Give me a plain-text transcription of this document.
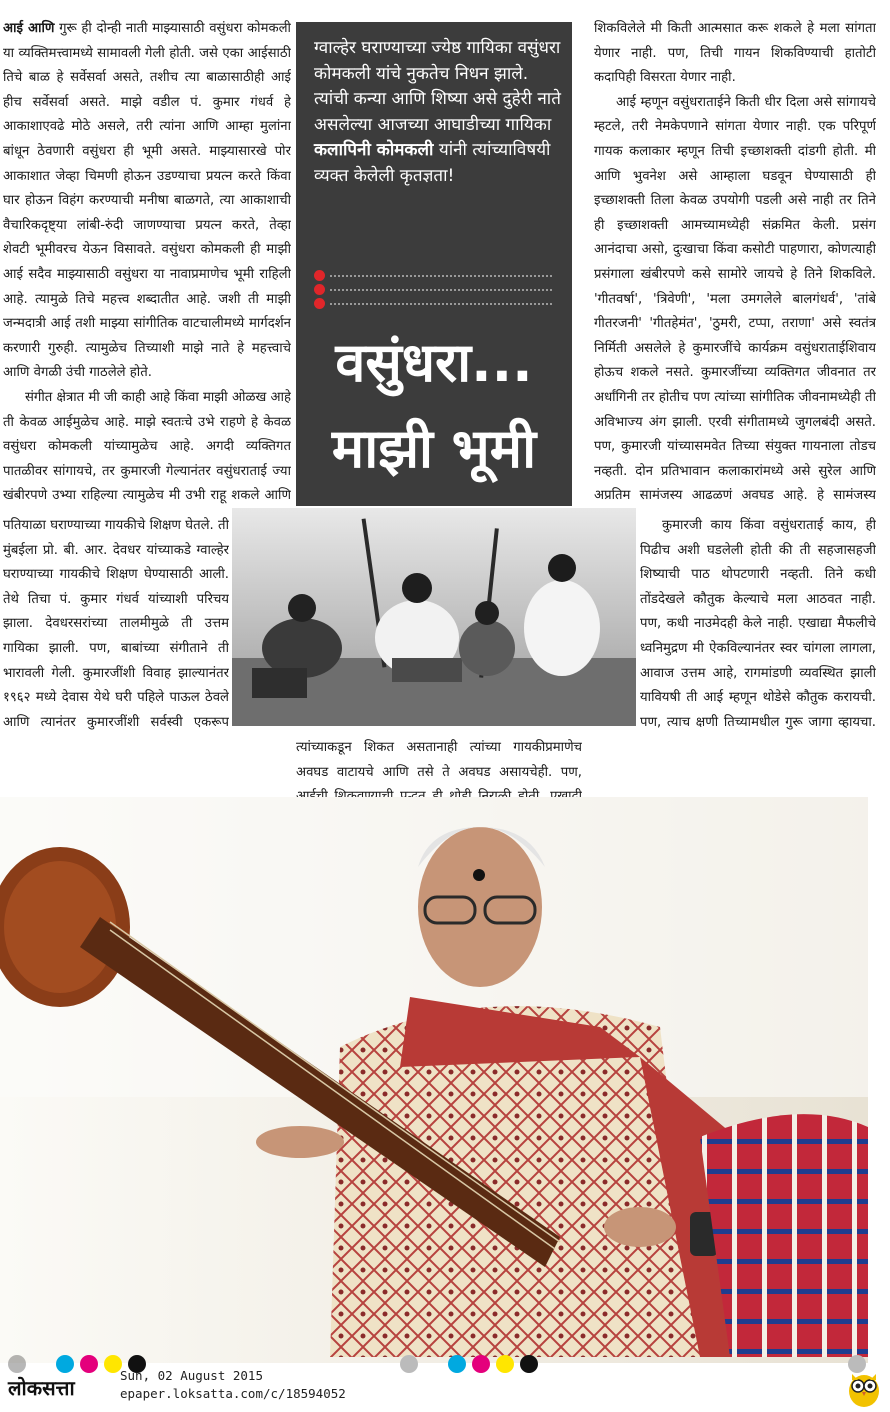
आई आणि गुरू ही दोन्ही नाती माझ्यासाठी वसुंधरा कोमकली या व्यक्तिमत्त्वामध्ये सामावली गेली होती. जसे एका आईसाठी तिचे बाळ हे सर्वेसर्वा असते, तशीच त्या बाळासाठीही आई हीच सर्वेसर्वा असते. माझे वडील पं. कुमार गंधर्व हे आकाशाएवढे मोठे असले, तरी त्यांना आणि आम्हा मुलांना बांधून ठेवणारी वसुंधरा ही भूमी असते. माझ्यासारखे पोर आकाशात जेव्हा चिमणी होऊन उडण्याचा प्रयत्न करते किंवा घार होऊन विहंग करण्याची मनीषा बाळगते, त्या आकाशाची वैचारिकदृष्ट्या लांबी-रुंदी जाणण्याचा प्रयत्न करते, तेव्हा शेवटी भूमीवरच येऊन विसावते. वसुंधरा कोमकली ही माझी आई सदैव माझ्यासाठी वसुंधरा या नावाप्रमाणेच भूमी राहिली आहे. त्यामुळे तिचे महत्त्व शब्दातीत आहे. जशी ती माझी जन्मदात्री आई तशी माझ्या सांगीतिक वाटचालीमध्ये मार्गदर्शन करणारी गुरुही. त्यामुळेच तिच्याशी माझे नाते हे महत्त्वाचे आणि वेगळी उंची गाठलेले होते.

संगीत क्षेत्रात मी जी काही आहे किंवा माझी ओळख आहे ती केवळ आईमुळेच आहे. माझे स्वतःचे उभे राहणे हे केवळ वसुंधरा कोमकली यांच्यामुळेच आहे. अगदी व्यक्तिगत पातळीवर सांगायचे, तर कुमारजी गेल्यानंतर वसुंधराताई ज्या खंबीरपणे उभ्या राहिल्या त्यामुळेच मी उभी राहू शकले आणि

पतियाळा घराण्याच्या गायकीचे शिक्षण घेतले. ती मुंबईला प्रो. बी. आर. देवधर यांच्याकडे ग्वाल्हेर घराण्याच्या गायकीचे शिक्षण घेण्यासाठी आली. तेथे तिचा पं. कुमार गंधर्व यांच्याशी परिचय झाला. देवधरसरांच्या तालमीमुळे ती उत्तम गायिका झाली. पण, बाबांच्या संगीताने ती भारावली गेली. कुमारजींशी विवाह झाल्यानंतर १९६२ मध्ये देवास येथे घरी पहिले पाऊल ठेवले आणि त्यानंतर कुमारजींशी सर्वस्वी एकरूप

ग्वाल्हेर घराण्याच्या ज्येष्ठ गायिका वसुंधरा कोमकली यांचे नुकतेच निधन झाले. त्यांची कन्या आणि शिष्या असे दुहेरी नाते असलेल्या आजच्या आघाडीच्या गायिका कलापिनी कोमकली यांनी त्यांच्याविषयी व्यक्त केलेली कृतज्ञता!
वसुंधरा...
माझी भूमी

शिकविलेले मी किती आत्मसात करू शकले हे मला सांगता येणार नाही. पण, तिची गायन शिकविण्याची हातोटी कदापिही विसरता येणार नाही.

आई म्हणून वसुंधराताईने किती धीर दिला असे सांगायचे म्हटले, तरी नेमकेपणाने सांगता येणार नाही. एक परिपूर्ण गायक कलाकार म्हणून तिची इच्छाशक्ती दांडगी होती. मी आणि भुवनेश असे आम्हाला घडवून घेण्यासाठी ही इच्छाशक्ती तिला केवळ उपयोगी पडली असे नाही तर तिने ही इच्छाशक्ती आमच्यामध्येही संक्रमित केली. प्रसंग आनंदाचा असो, दुःखाचा किंवा कसोटी पाहणारा, कोणत्याही प्रसंगाला खंबीरपणे कसे सामोरे जायचे हे तिने शिकविले. 'गीतवर्षा', 'त्रिवेणी', 'मला उमगलेले बालगंधर्व', 'तांबे गीतरजनी' 'गीतहेमंत', 'ठुमरी, टप्पा, तराणा' असे स्वतंत्र निर्मिती असलेले हे कुमारजींचे कार्यक्रम वसुंधराताईशिवाय होऊच शकले नसते. कुमारजींच्या व्यक्तिगत जीवनात तर अर्धांगिनी तर होतीच पण त्यांच्या सांगीतिक जीवनामध्येही ती अविभाज्य अंग झाली. एरवी संगीतामध्ये जुगलबंदी असते. पण, कुमारजी यांच्यासमवेत तिच्या संयुक्त गायनाला तोडच नव्हती. दोन प्रतिभावान कलाकारांमध्ये असे सुरेल आणि अप्रतिम सामंजस्य आढळणं अवघड आहे. हे सामंजस्य

कुमारजी काय किंवा वसुंधराताई काय, ही पिढीच अशी घडलेली होती की ती सहजासहजी शिष्याची पाठ थोपटणारी नव्हती. तिने कधी तोंडदेखले कौतुक केल्याचे मला आठवत नाही. पण, कधी नाउमेदही केले नाही. एखाद्या मैफलीचे ध्वनिमुद्रण मी ऐकविल्यानंतर स्वर चांगला लागला, आवाज उत्तम आहे, रागमांडणी व्यवस्थित झाली यावियषी ती आई म्हणून थोडेसे कौतुक करायची. पण, त्याच क्षणी तिच्यामधील गुरू जागा व्हायचा.

त्यांच्याकडून शिकत असतानाही त्यांच्या गायकीप्रमाणेच अवघड वाटायचे आणि तसे ते अवघड असायचेही. पण,

लोकसत्ता
Sun, 02 August 2015
epaper.loksatta.com/c/18594052
